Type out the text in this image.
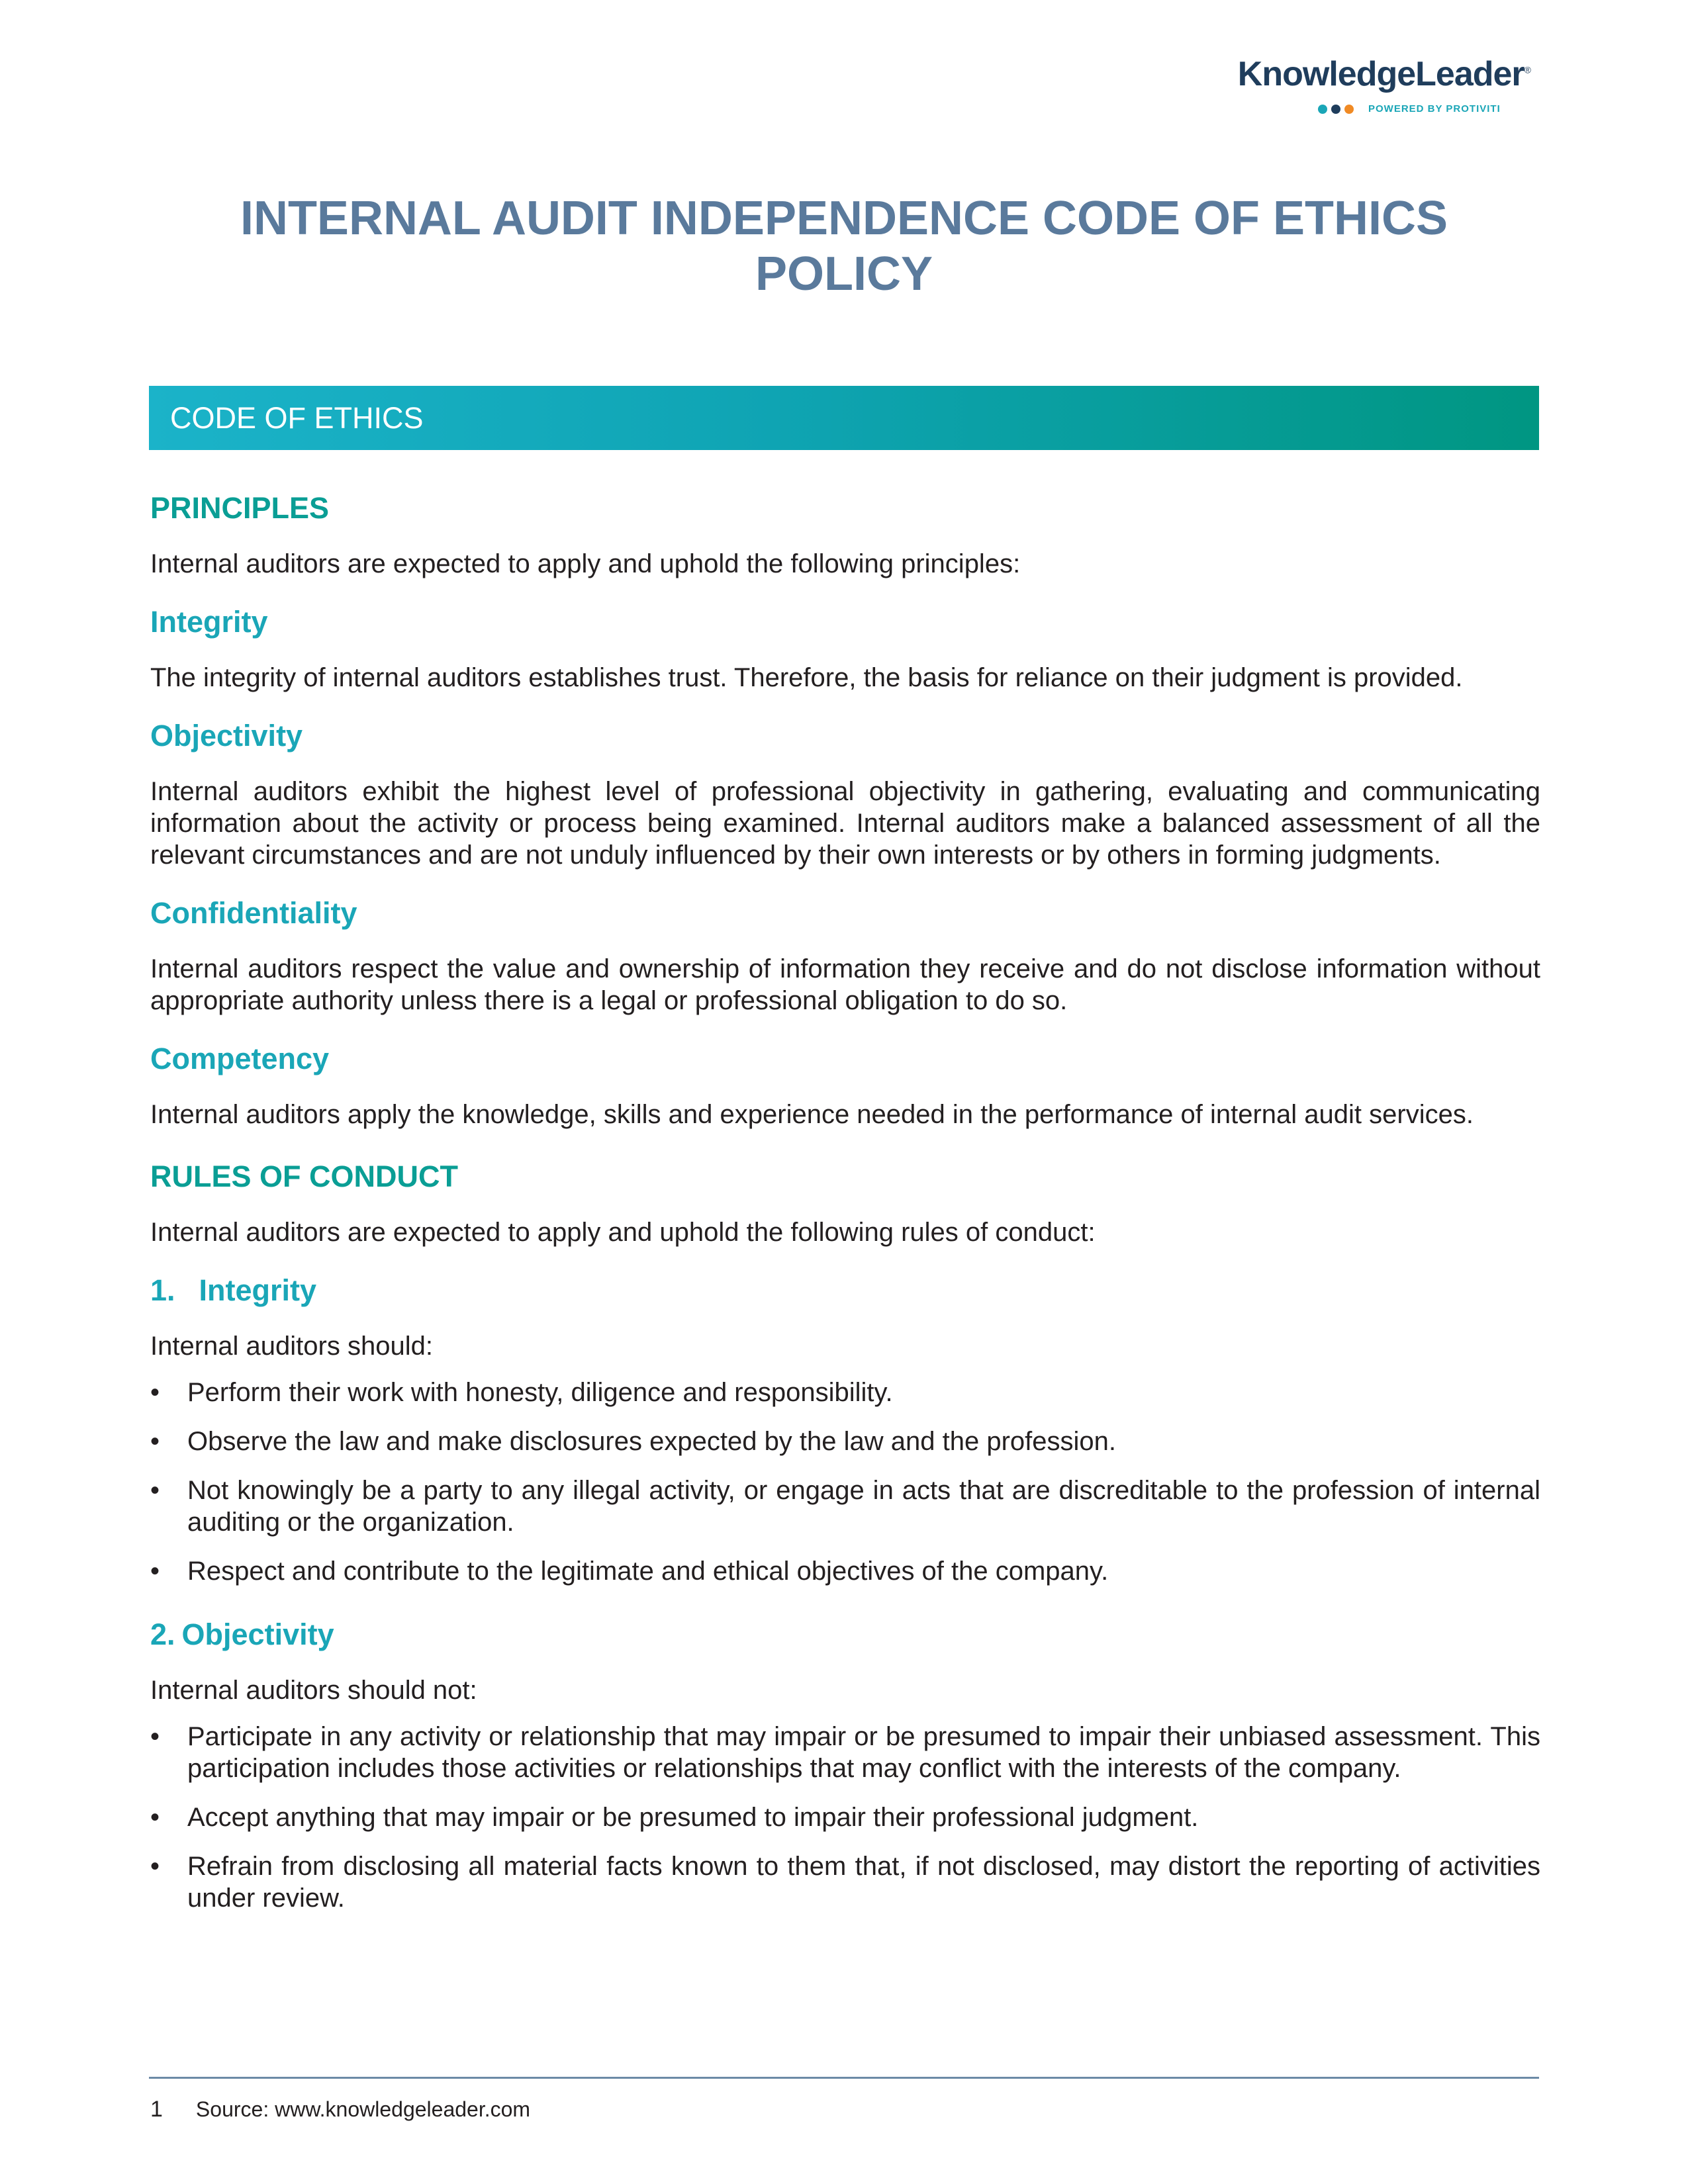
KnowledgeLeader®
POWERED BY PROTIVITI
INTERNAL AUDIT INDEPENDENCE CODE OF ETHICS POLICY
CODE OF ETHICS
PRINCIPLES

Internal auditors are expected to apply and uphold the following principles:

Integrity

The integrity of internal auditors establishes trust. Therefore, the basis for reliance on their judgment is provided.

Objectivity

Internal auditors exhibit the highest level of professional objectivity in gathering, evaluating and communicating information about the activity or process being examined. Internal auditors make a balanced assessment of all the relevant circumstances and are not unduly influenced by their own interests or by others in forming judgments.

Confidentiality

Internal auditors respect the value and ownership of information they receive and do not disclose information without appropriate authority unless there is a legal or professional obligation to do so.

Competency

Internal auditors apply the knowledge, skills and experience needed in the performance of internal audit services.

RULES OF CONDUCT

Internal auditors are expected to apply and uphold the following rules of conduct:

1. Integrity

Internal auditors should:

• Perform their work with honesty, diligence and responsibility.
• Observe the law and make disclosures expected by the law and the profession.
• Not knowingly be a party to any illegal activity, or engage in acts that are discreditable to the profession of internal auditing or the organization.
• Respect and contribute to the legitimate and ethical objectives of the company.
2. Objectivity

Internal auditors should not:

• Participate in any activity or relationship that may impair or be presumed to impair their unbiased assessment. This participation includes those activities or relationships that may conflict with the interests of the company.
• Accept anything that may impair or be presumed to impair their professional judgment.
• Refrain from disclosing all material facts known to them that, if not disclosed, may distort the reporting of activities under review.
1 Source: www.knowledgeleader.com
